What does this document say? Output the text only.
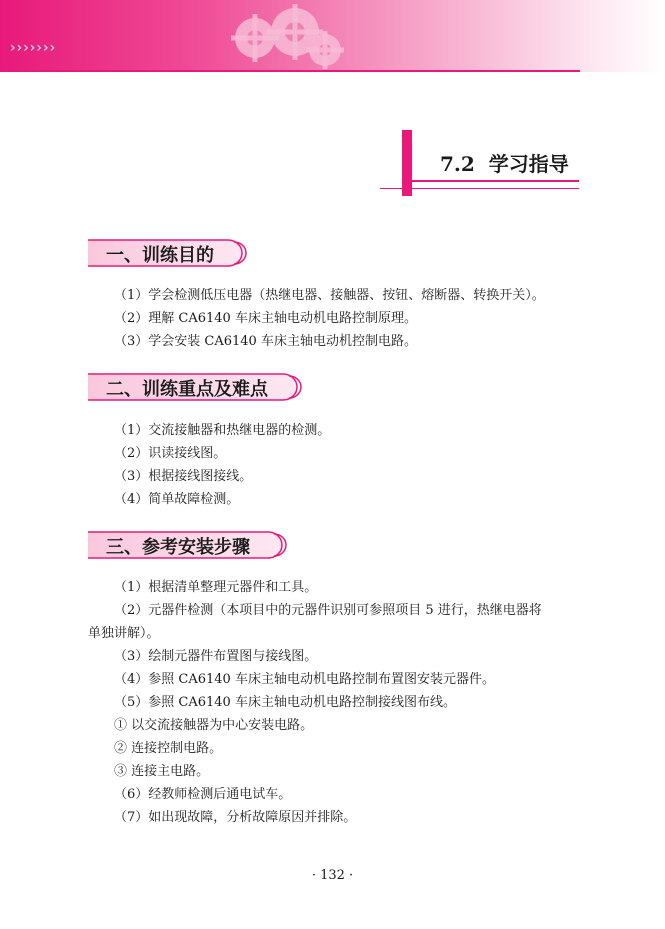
›››››››
7.2 学习指导
一、训练目的
（1）学会检测低压电器（热继电器、接触器、按钮、熔断器、转换开关）。
（2）理解 CA6140 车床主轴电动机电路控制原理。
（3）学会安装 CA6140 车床主轴电动机控制电路。
二、训练重点及难点
（1）交流接触器和热继电器的检测。
（2）识读接线图。
（3）根据接线图接线。
（4）简单故障检测。
三、参考安装步骤
（1）根据清单整理元器件和工具。
（2）元器件检测（本项目中的元器件识别可参照项目 5 进行，热继电器将
单独讲解）。
（3）绘制元器件布置图与接线图。
（4）参照 CA6140 车床主轴电动机电路控制布置图安装元器件。
（5）参照 CA6140 车床主轴电动机电路控制接线图布线。
① 以交流接触器为中心安装电路。
② 连接控制电路。
③ 连接主电路。
（6）经教师检测后通电试车。
（7）如出现故障，分析故障原因并排除。
· 132 ·
